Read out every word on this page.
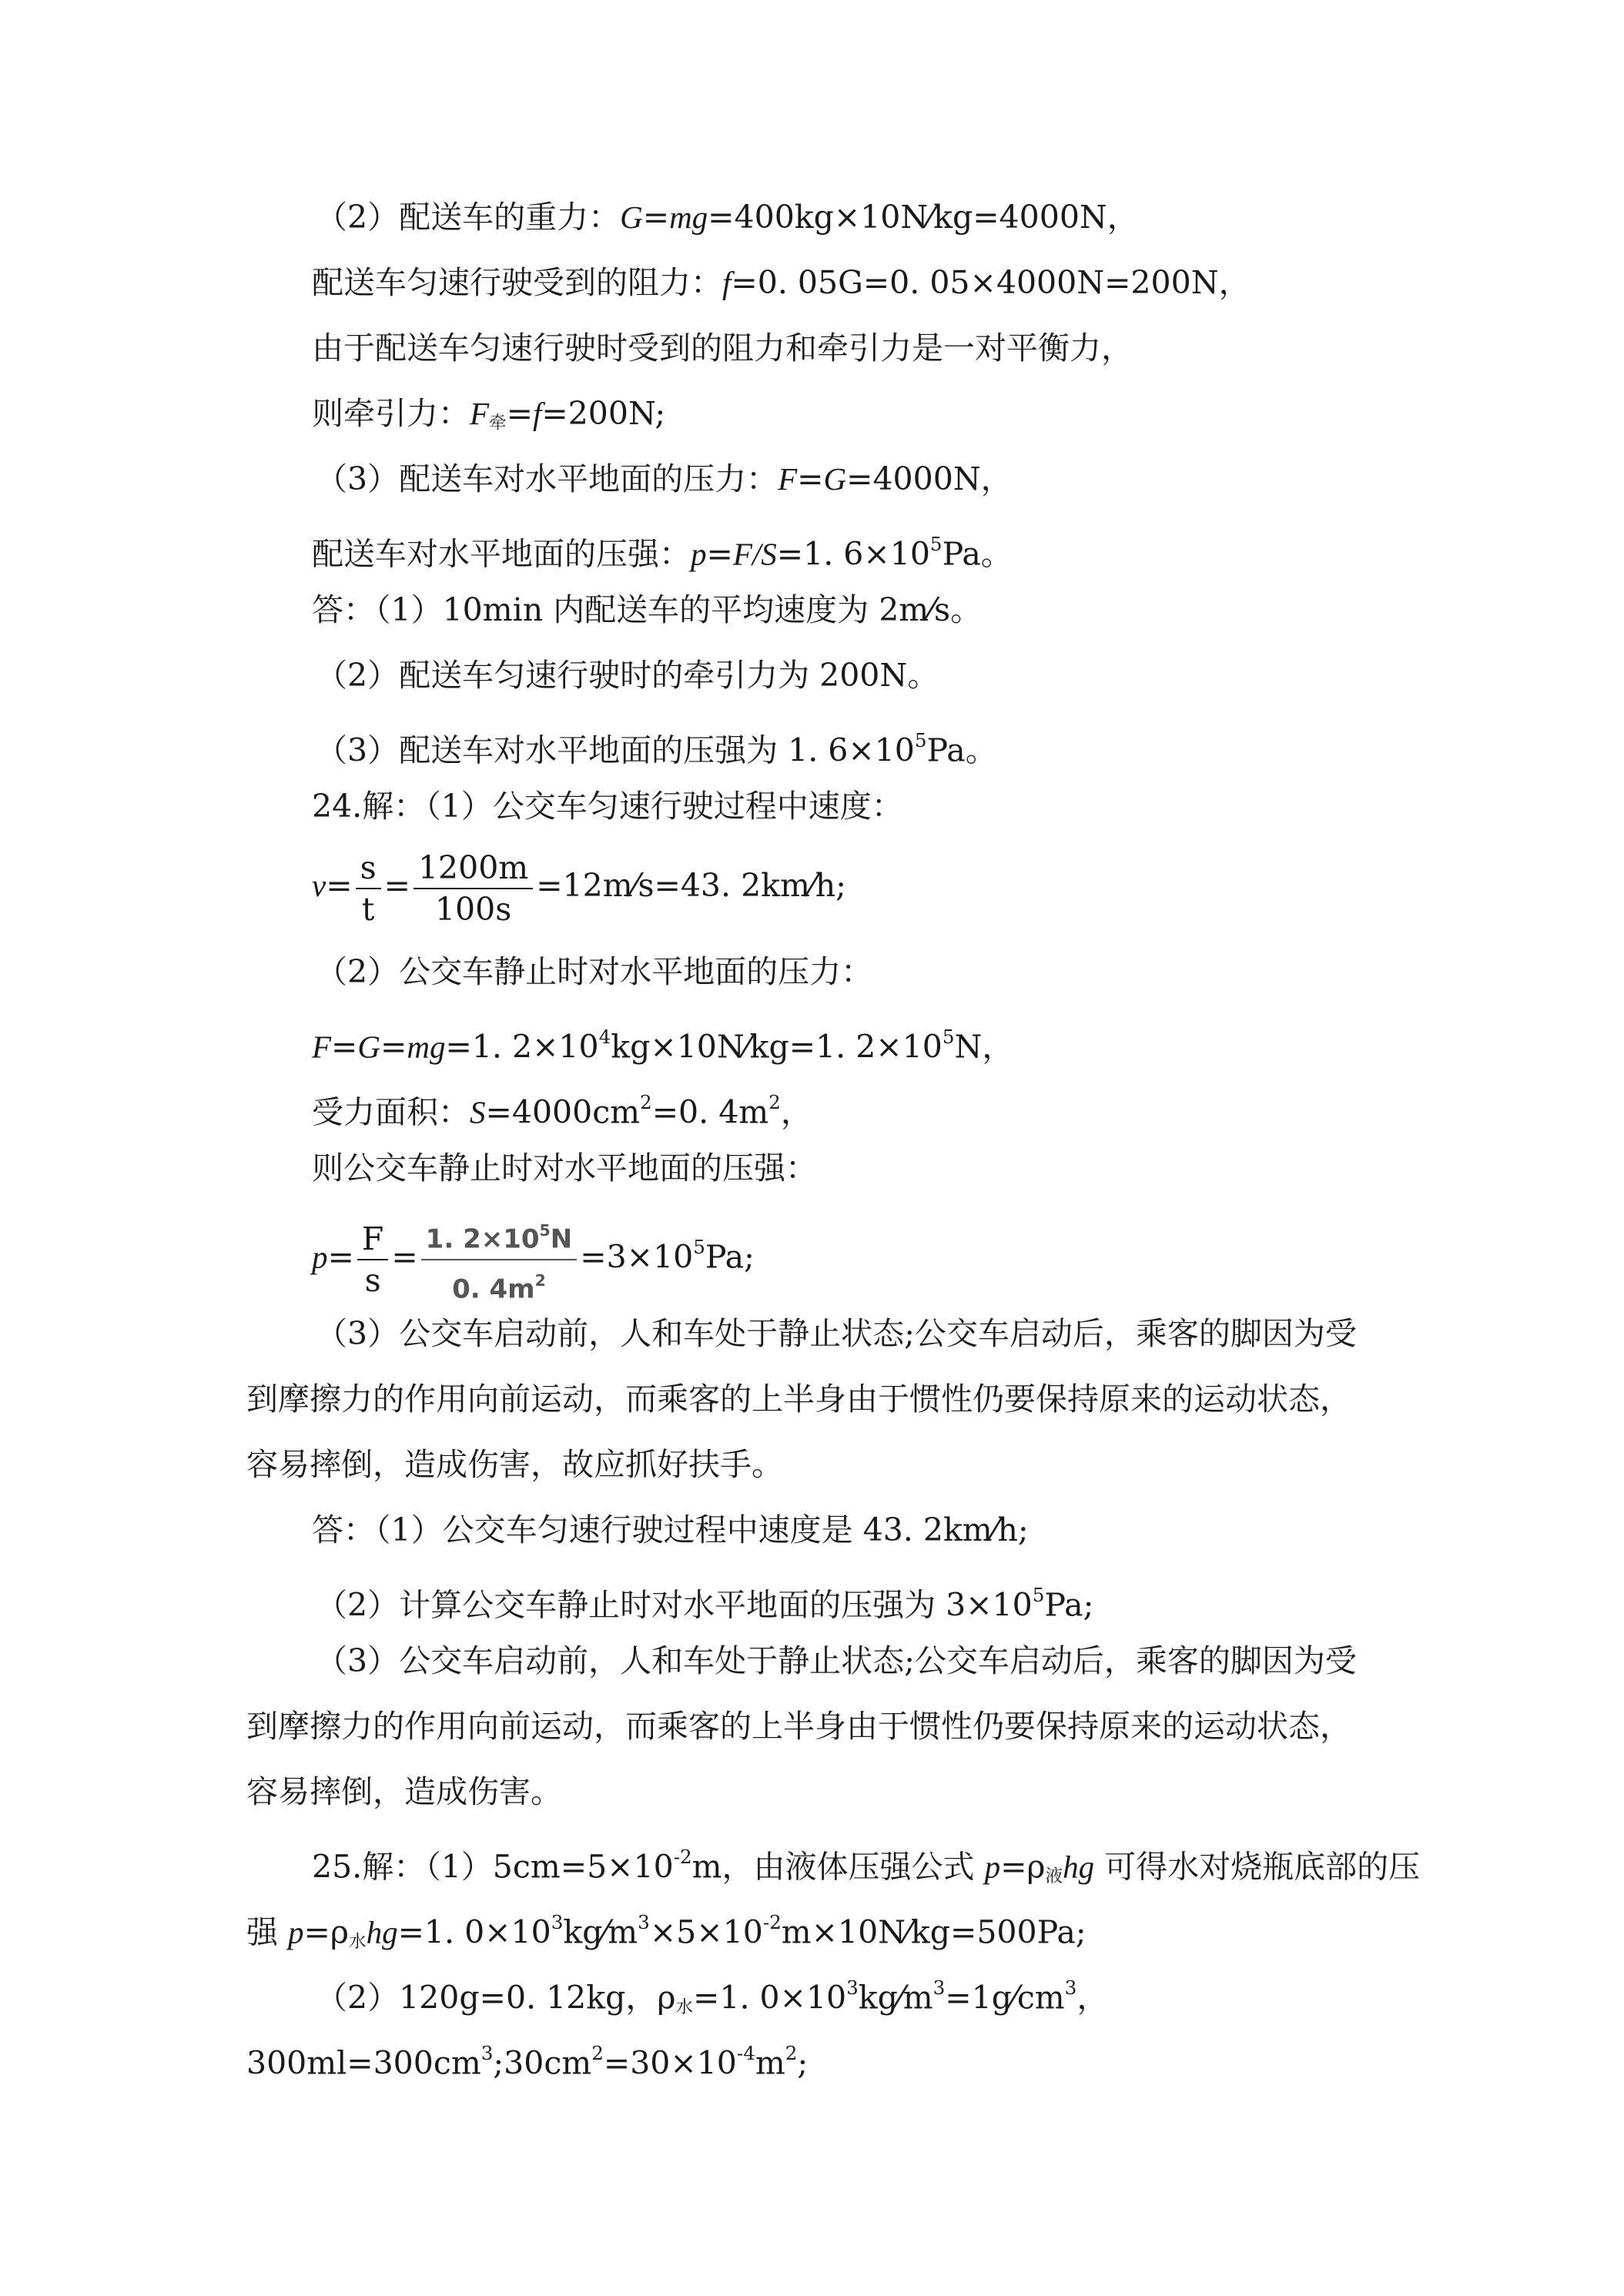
（2）配送车的重力：G=mg=400kg×10N⁄kg=4000N，
配送车匀速行驶受到的阻力：f=0. 05G=0. 05×4000N=200N，
由于配送车匀速行驶时受到的阻力和牵引力是一对平衡力，
则牵引力：$F_牵=f=200N$;
（3）配送车对水平地面的压力：F=G=4000N，
配送车对水平地面的压强：p=F/S=1. $6\times 10^5Pa$。
答：（1）10min 内配送车的平均速度为 2m⁄s。
（2）配送车匀速行驶时的牵引力为 200N。
（3）配送车对水平地面的压强为 1. $6\times 10^5Pa$。
24.解：（1）公交车匀速行驶过程中速度：
$v= \frac{s}{t} = \frac{1200m}{100s}$ =12m⁄s=43. 2km⁄h;
（2）公交车静止时对水平地面的压力：
F=G=mg=1. $2\times 10^4kg\times 10N⁄kg=1$. $2\times 10^5N$，
受力面积：$S=4000cm^2=0$. $4m^2$，
则公交车静止时对水平地面的压强：
$p= \frac{F}{s} = \frac{1. 2\times 10^5N}{0. 4m^2} =3\times 10^5Pa$;
（3）公交车启动前，人和车处于静止状态;公交车启动后，乘客的脚因为受
到摩擦力的作用向前运动，而乘客的上半身由于惯性仍要保持原来的运动状态，
容易摔倒，造成伤害，故应抓好扶手。
答：（1）公交车匀速行驶过程中速度是 43. 2km⁄h;
（2）计算公交车静止时对水平地面的压强为 $3\times 10^5Pa$;
（3）公交车启动前，人和车处于静止状态;公交车启动后，乘客的脚因为受
到摩擦力的作用向前运动，而乘客的上半身由于惯性仍要保持原来的运动状态，
容易摔倒，造成伤害。
25.解：$(1)5cm=5\times 10^{-2}m$，由液体压强公式 $p=\rho_液hg$ 可得水对烧瓶底部的压
强 $p=\rho_水hg=1$. $0\times 10^3kg⁄m^3\times 5\times 10^{-2}m\times 10N⁄kg=500Pa$;
（2）120g=0. 12kg，$\rho_水=1$. $0\times 10^3kg⁄m^3=1g⁄cm^3$，
$300ml=300cm^3;30cm^2=30\times 10^{-4}m^2$;
